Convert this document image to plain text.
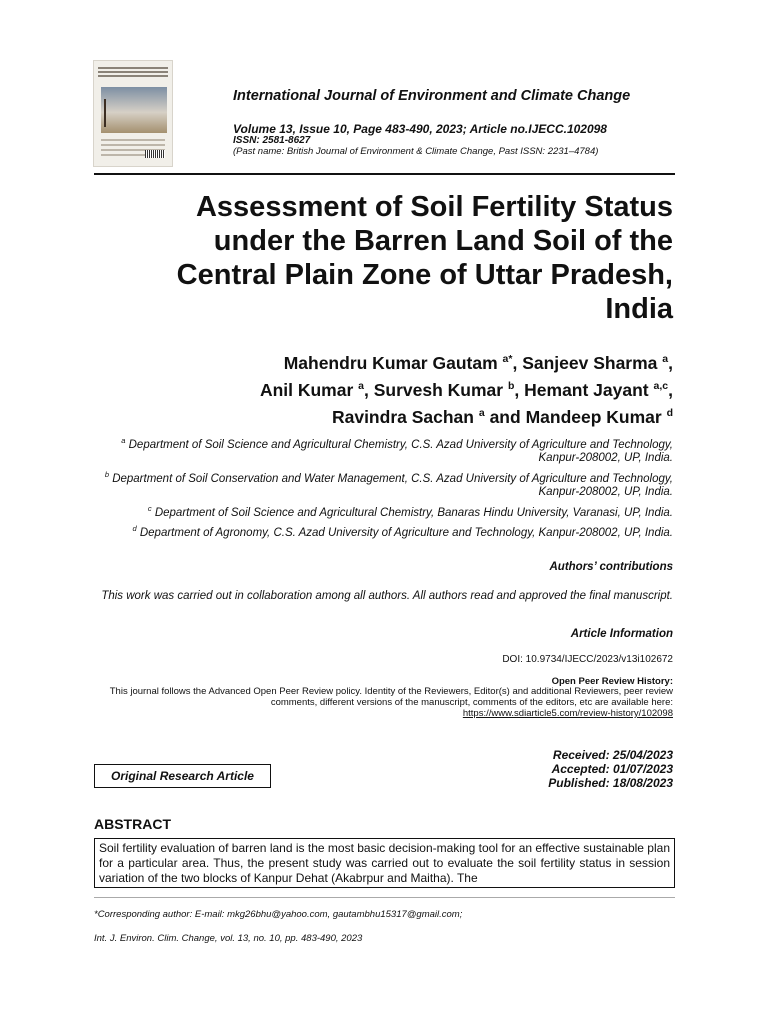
International Journal of Environment and Climate Change
Volume 13, Issue 10, Page 483-490, 2023; Article no.IJECC.102098
ISSN: 2581-8627
(Past name: British Journal of Environment & Climate Change, Past ISSN: 2231–4784)
Assessment of Soil Fertility Status
under the Barren Land Soil of the
Central Plain Zone of Uttar Pradesh,
India
Mahendru Kumar Gautam $^{a*}$, Sanjeev Sharma $^a$,
Anil Kumar $^a$, Survesh Kumar $^b$, Hemant Jayant $^{a,c}$,
Ravindra Sachan $^a$ and Mandeep Kumar $^d$

$^a$ Department of Soil Science and Agricultural Chemistry, C.S. Azad University of Agriculture and Technology, Kanpur-208002, UP, India.

$^b$ Department of Soil Conservation and Water Management, C.S. Azad University of Agriculture and Technology, Kanpur-208002, UP, India.

$^c$ Department of Soil Science and Agricultural Chemistry, Banaras Hindu University, Varanasi, UP, India.

$^d$ Department of Agronomy, C.S. Azad University of Agriculture and Technology, Kanpur-208002, UP, India.

Authors’ contributions
This work was carried out in collaboration among all authors. All authors read and approved the final manuscript.
Article Information
DOI: 10.9734/IJECC/2023/v13i102672
Open Peer Review History:
This journal follows the Advanced Open Peer Review policy. Identity of the Reviewers, Editor(s) and additional Reviewers, peer review comments, different versions of the manuscript, comments of the editors, etc are available here:
https://www.sdiarticle5.com/review-history/102098
Original Research Article
Received: 25/04/2023
Accepted: 01/07/2023
Published: 18/08/2023
ABSTRACT
Soil fertility evaluation of barren land is the most basic decision-making tool for an effective sustainable plan for a particular area. Thus, the present study was carried out to evaluate the soil fertility status in session variation of the two blocks of Kanpur Dehat (Akabrpur and Maitha). The
*Corresponding author: E-mail: mkg26bhu@yahoo.com, gautambhu15317@gmail.com;
Int. J. Environ. Clim. Change, vol. 13, no. 10, pp. 483-490, 2023
